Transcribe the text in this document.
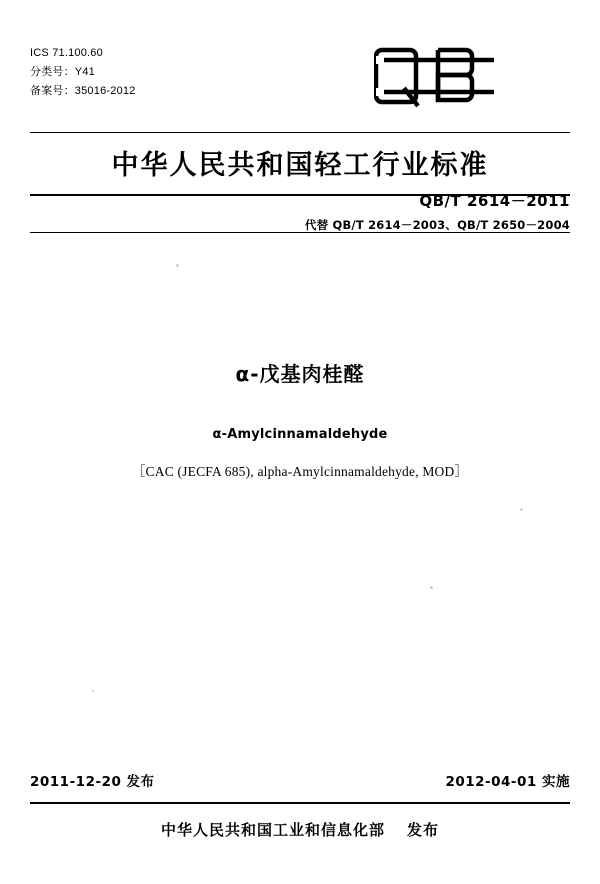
ICS 71.100.60
分类号：Y41
备案号：35016-2012
中华人民共和国轻工行业标准
QB/T 2614－2011
代替 QB/T 2614－2003、QB/T 2650－2004
α-戊基肉桂醛
α-Amylcinnamaldehyde
［CAC (JECFA 685), alpha-Amylcinnamaldehyde, MOD］
2011-12-20 发布	2012-04-01 实施
中华人民共和国工业和信息化部 发布
